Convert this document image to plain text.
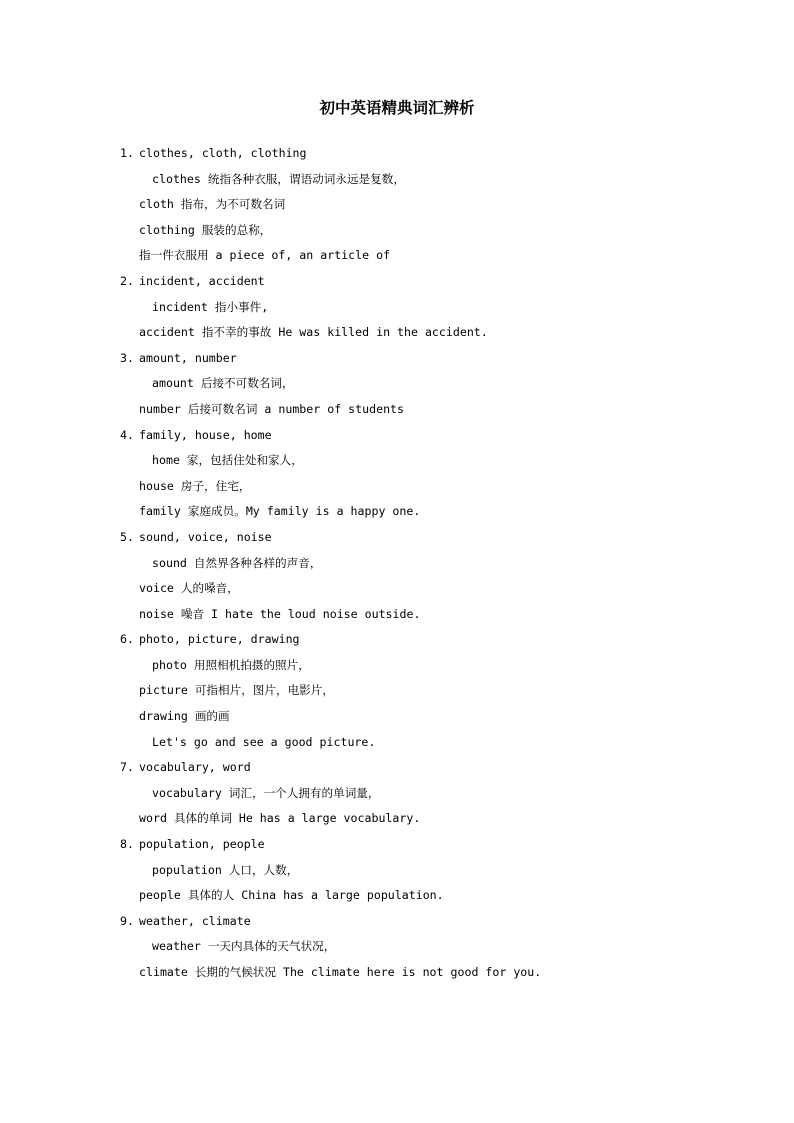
初中英语精典词汇辨析
1. clothes, cloth, clothing
clothes 统指各种衣服，谓语动词永远是复数，
cloth 指布，为不可数名词
clothing 服装的总称，
指一件衣服用 a piece of, an article of
2. incident, accident
incident 指小事件,
accident 指不幸的事故 He was killed in the accident.
3. amount, number
amount 后接不可数名词，
number 后接可数名词 a number of students
4. family, house, home
home 家，包括住处和家人，
house 房子，住宅，
family 家庭成员。My family is a happy one.
5. sound, voice, noise
sound 自然界各种各样的声音，
voice 人的嗓音，
noise 噪音 I hate the loud noise outside.
6. photo, picture, drawing
photo 用照相机拍摄的照片，
picture 可指相片，图片，电影片，
drawing 画的画
Let's go and see a good picture.
7. vocabulary, word
vocabulary 词汇，一个人拥有的单词量，
word 具体的单词 He has a large vocabulary.
8. population, people
population 人口，人数，
people 具体的人 China has a large population.
9. weather, climate
weather 一天内具体的天气状况，
climate 长期的气候状况 The climate here is not good for you.
